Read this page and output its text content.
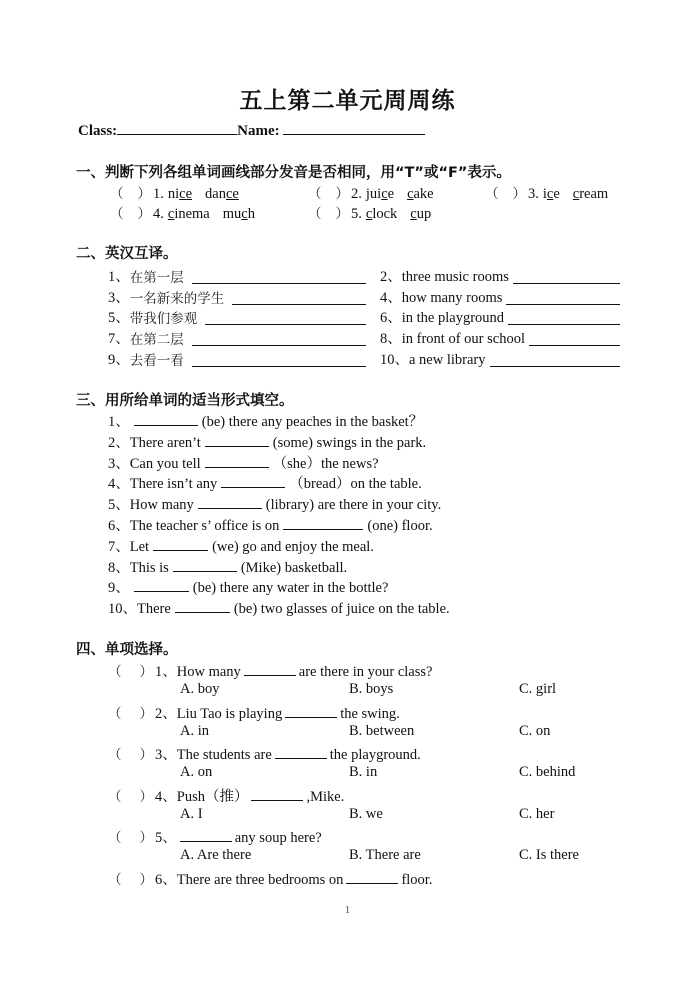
五上第二单元周周练
Class:	Name:
一、判断下列各组单词画线部分发音是否相同，用“T”或“F”表示。
（ ） 1. nice dance	（ ） 2. juice cake	（ ） 3. ice cream
（ ） 4. cinema much	（ ） 5. clock cup
二、英汉互译。
1、 在第一层	2、 three music rooms
3、 一名新来的学生	4、 how many rooms
5、 带我们参观	6、 in the playground
7、 在第二层	8、 in front of our school
9、 去看一看	10、 a new library
三、用所给单词的适当形式填空。
1、	(be) there any peaches in the basket？
2、There aren’t	(some) swings in the park.
3、Can you tell	（she）the news?
4、There isn’t any	（bread）on the table.
5、How many	(library) are there in your city.
6、The teacher s’ office is on	(one) floor.
7、Let	(we) go and enjoy the meal.
8、This is	(Mike) basketball.
9、	(be) there any water in the bottle?
10、There	(be) two glasses of juice on the table.
四、单项选择。
（ ） 1、How many	are there in your class?
A. boy	B. boys	C. girl
（ ） 2、Liu Tao is playing	the swing.
A. in	B. between	C. on
（ ） 3、The students are	the playground.
A. on	B. in	C. behind
（ ） 4、Push（推）	,Mike.
A. I	B. we	C. her
（ ） 5、	any soup here?
A. Are there	B. There are	C. Is there
（ ） 6、There are three bedrooms on	floor.
1
